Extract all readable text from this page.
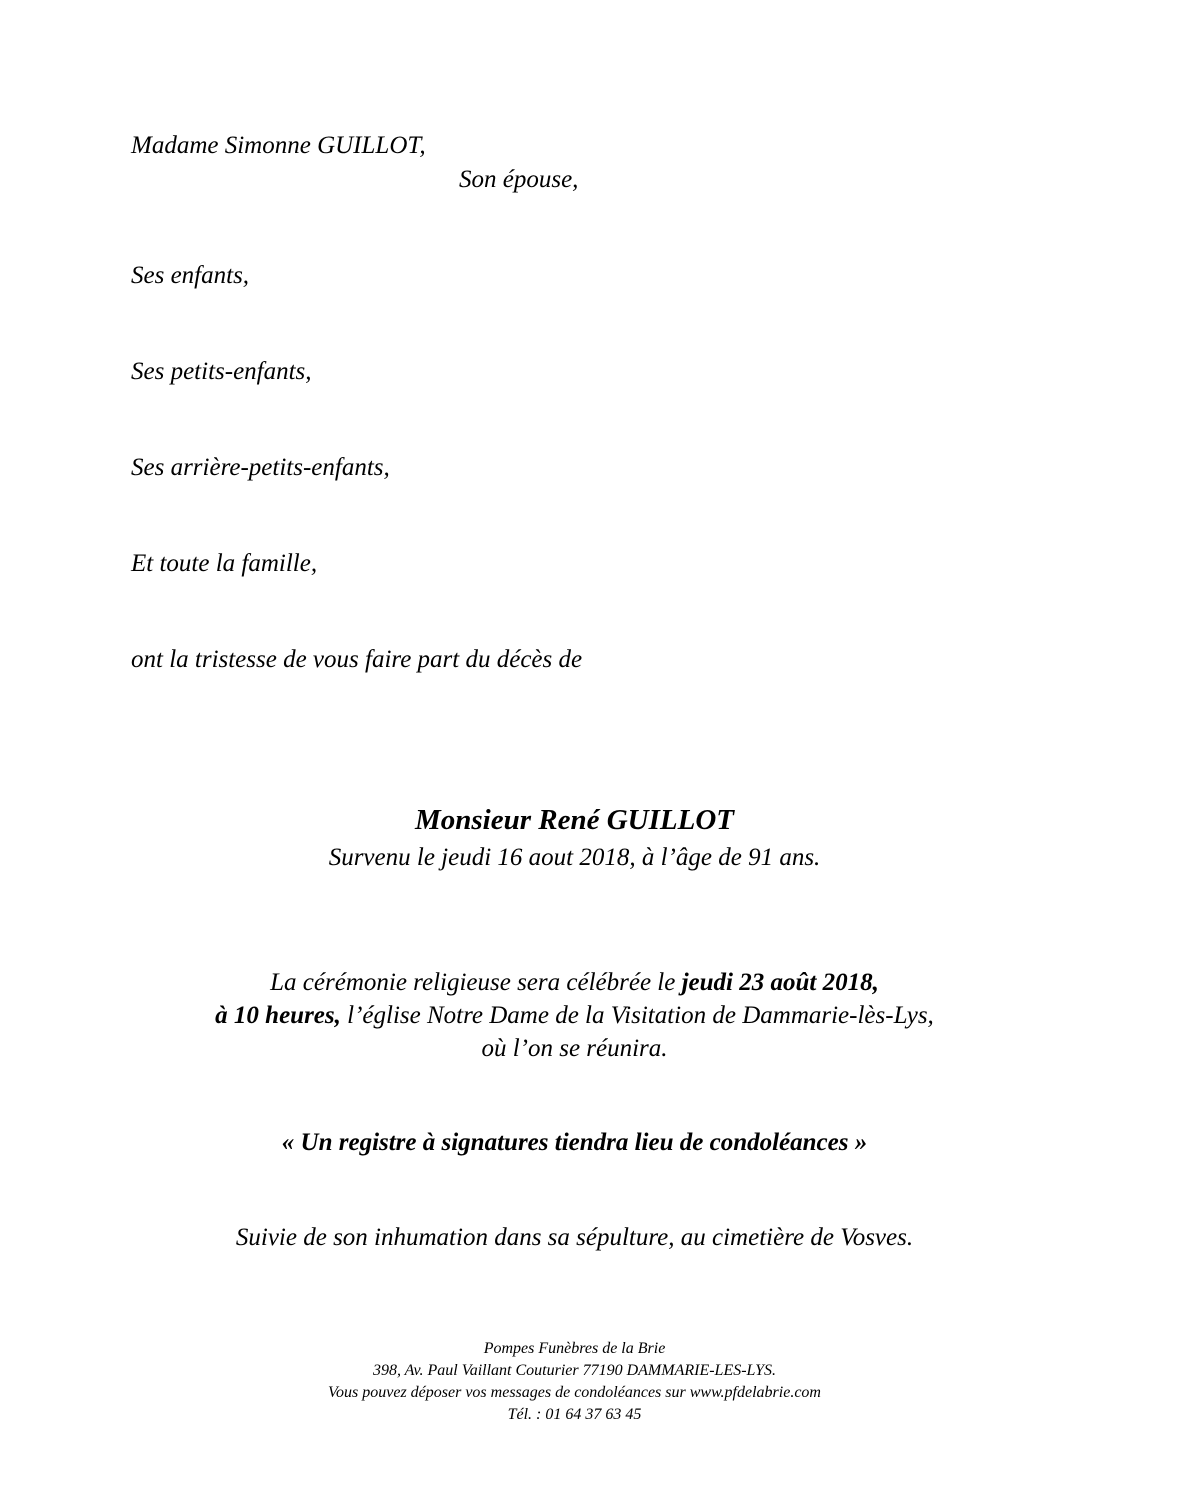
Madame Simonne GUILLOT,

Son épouse,

Ses enfants,

Ses petits-enfants,

Ses arrière-petits-enfants,

Et toute la famille,

ont la tristesse de vous faire part du décès de

Monsieur René GUILLOT

Survenu le jeudi 16 aout 2018, à l’âge de 91 ans.

La cérémonie religieuse sera célébrée le jeudi 23 août 2018,

à 10 heures, l’église Notre Dame de la Visitation de Dammarie-lès-Lys,

où l’on se réunira.

« Un registre à signatures tiendra lieu de condoléances »

Suivie de son inhumation dans sa sépulture, au cimetière de Vosves.

Pompes Funèbres de la Brie

398, Av. Paul Vaillant Couturier 77190 DAMMARIE-LES-LYS.

Vous pouvez déposer vos messages de condoléances sur www.pfdelabrie.com

Tél. : 01 64 37 63 45
